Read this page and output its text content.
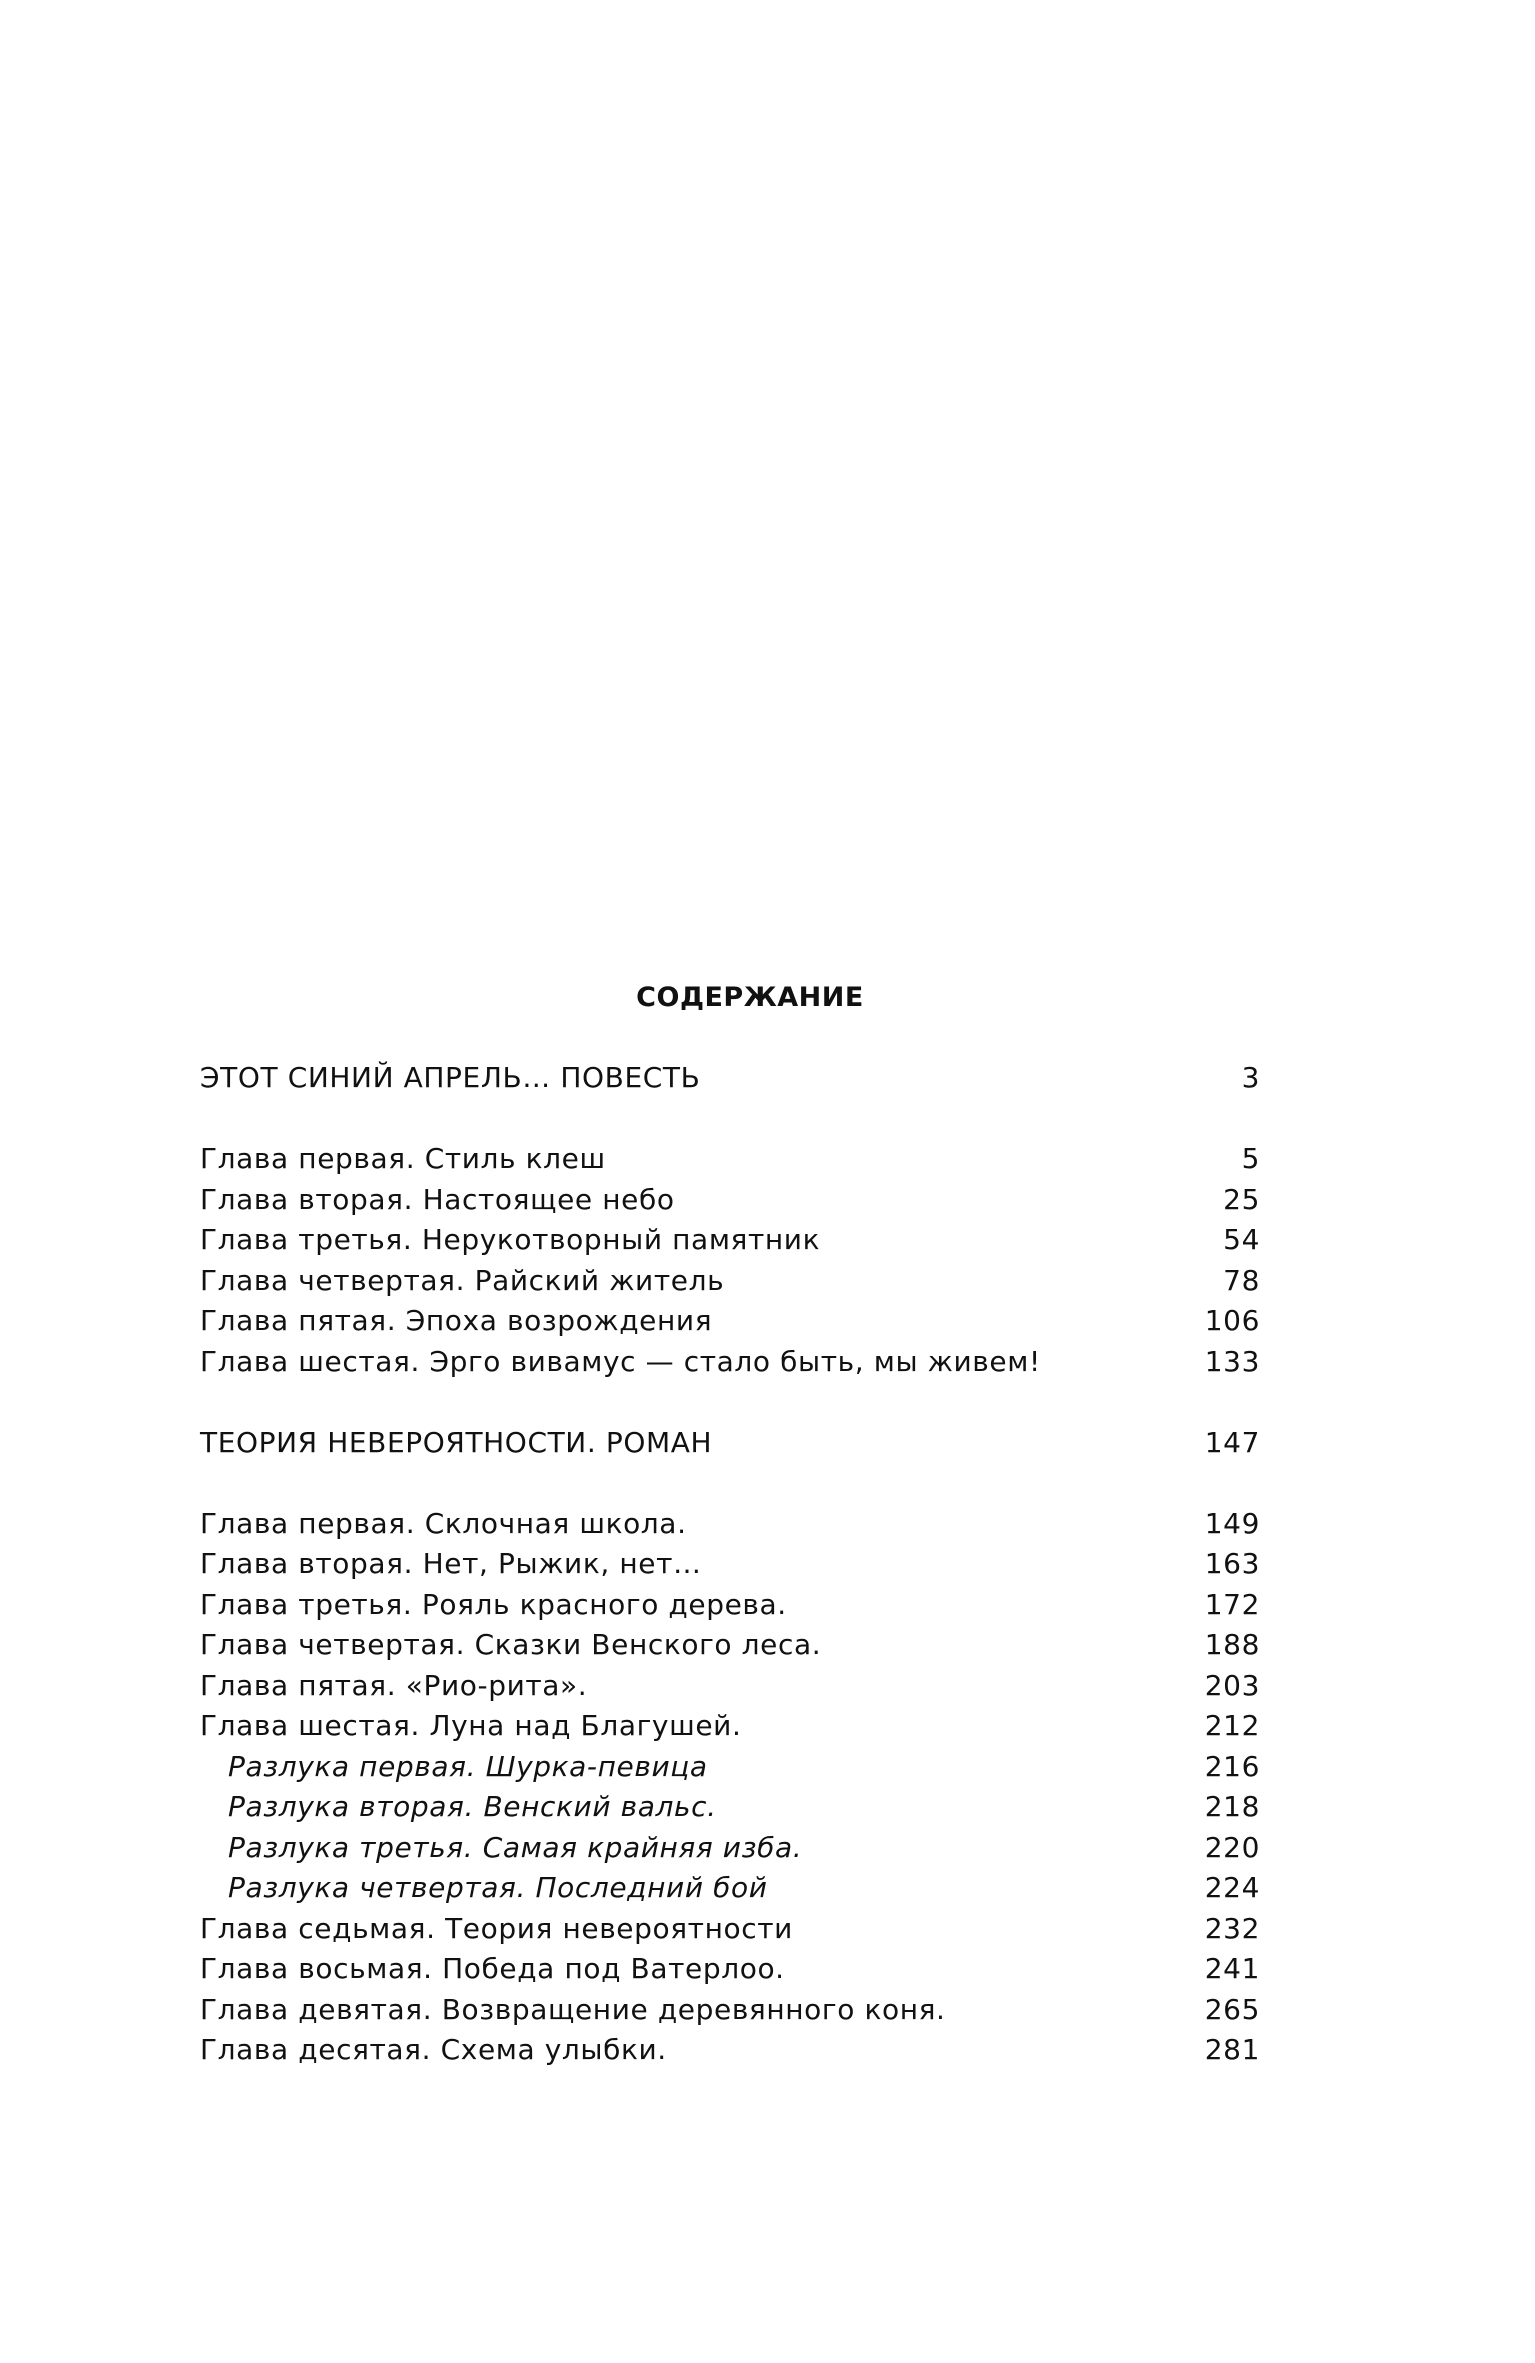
СОДЕРЖАНИЕ
ЭТОТ СИНИЙ АПРЕЛЬ… ПОВЕСТЬ	3
Глава первая. Стиль клеш	5
Глава вторая. Настоящее небо	25
Глава третья. Нерукотворный памятник	54
Глава четвертая. Райский житель	78
Глава пятая. Эпоха возрождения	106
Глава шестая. Эрго вивамус — стало быть, мы живем!	133
ТЕОРИЯ НЕВЕРОЯТНОСТИ. РОМАН	147
Глава первая. Склочная школа.	149
Глава вторая. Нет, Рыжик, нет…	163
Глава третья. Рояль красного дерева.	172
Глава четвертая. Сказки Венского леса.	188
Глава пятая. «Рио-рита».	203
Глава шестая. Луна над Благушей.	212
Разлука первая. Шурка-певица	216
Разлука вторая. Венский вальс.	218
Разлука третья. Самая крайняя изба.	220
Разлука четвертая. Последний бой	224
Глава седьмая. Теория невероятности	232
Глава восьмая. Победа под Ватерлоо.	241
Глава девятая. Возвращение деревянного коня.	265
Глава десятая. Схема улыбки.	281
